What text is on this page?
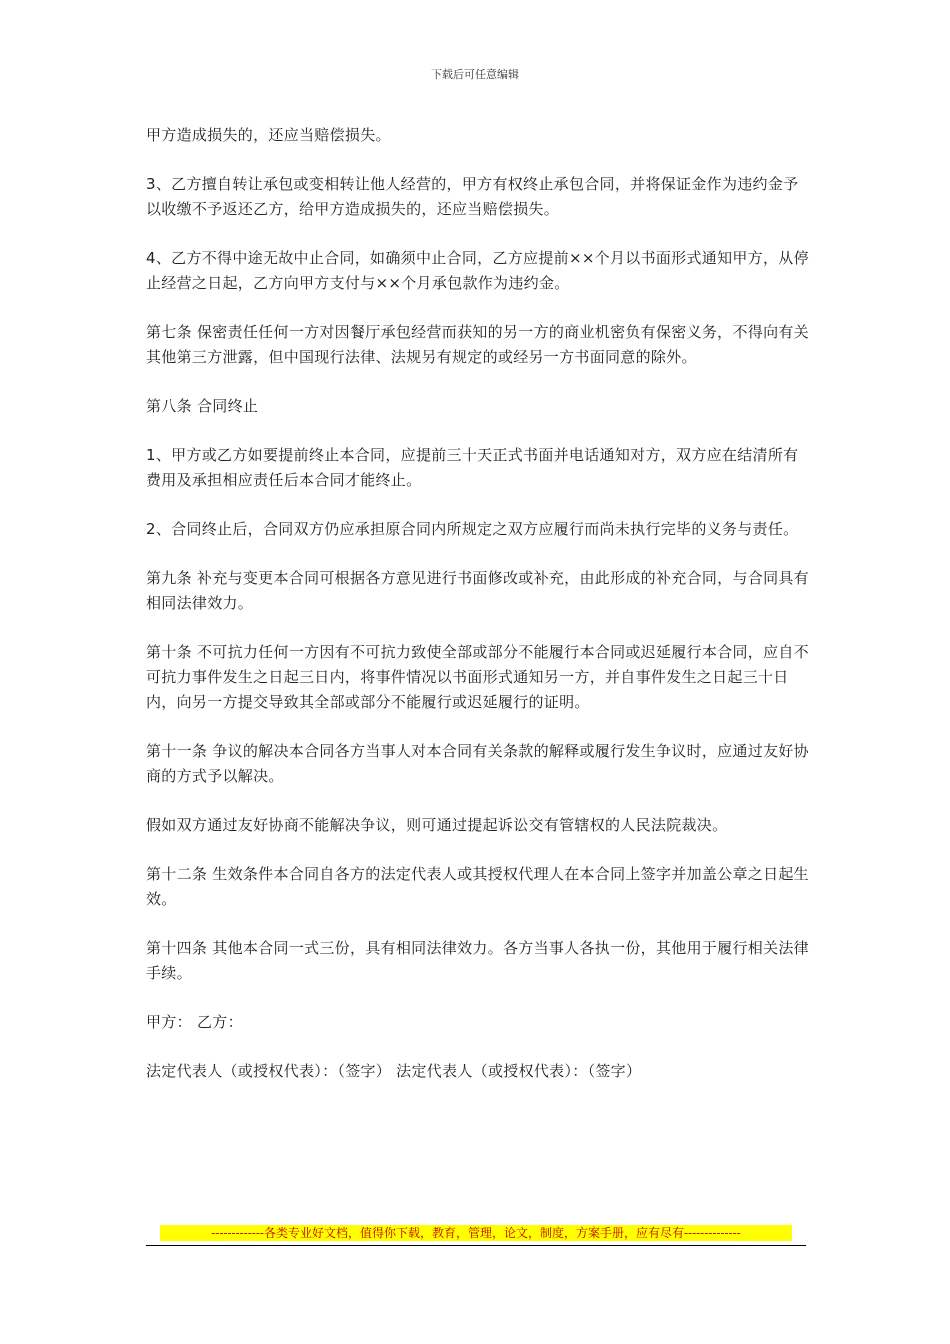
下载后可任意编辑

甲方造成损失的，还应当赔偿损失。

3、乙方擅自转让承包或变相转让他人经营的，甲方有权终止承包合同，并将保证金作为违约金予以收缴不予返还乙方，给甲方造成损失的，还应当赔偿损失。

4、乙方不得中途无故中止合同，如确须中止合同，乙方应提前××个月以书面形式通知甲方，从停止经营之日起，乙方向甲方支付与××个月承包款作为违约金。

第七条 保密责任任何一方对因餐厅承包经营而获知的另一方的商业机密负有保密义务，不得向有关其他第三方泄露，但中国现行法律、法规另有规定的或经另一方书面同意的除外。

第八条 合同终止

1、甲方或乙方如要提前终止本合同，应提前三十天正式书面并电话通知对方，双方应在结清所有费用及承担相应责任后本合同才能终止。

2、合同终止后，合同双方仍应承担原合同内所规定之双方应履行而尚未执行完毕的义务与责任。

第九条 补充与变更本合同可根据各方意见进行书面修改或补充，由此形成的补充合同，与合同具有相同法律效力。

第十条 不可抗力任何一方因有不可抗力致使全部或部分不能履行本合同或迟延履行本合同，应自不可抗力事件发生之日起三日内，将事件情况以书面形式通知另一方，并自事件发生之日起三十日内，向另一方提交导致其全部或部分不能履行或迟延履行的证明。

第十一条 争议的解决本合同各方当事人对本合同有关条款的解释或履行发生争议时，应通过友好协商的方式予以解决。

假如双方通过友好协商不能解决争议，则可通过提起诉讼交有管辖权的人民法院裁决。

第十二条 生效条件本合同自各方的法定代表人或其授权代理人在本合同上签字并加盖公章之日起生效。

第十四条 其他本合同一式三份，具有相同法律效力。各方当事人各执一份，其他用于履行相关法律手续。

甲方： 乙方：

法定代表人（或授权代表）：（签字） 法定代表人（或授权代表）：（签字）

-------------各类专业好文档，值得你下载，教育，管理，论文，制度，方案手册，应有尽有--------------
